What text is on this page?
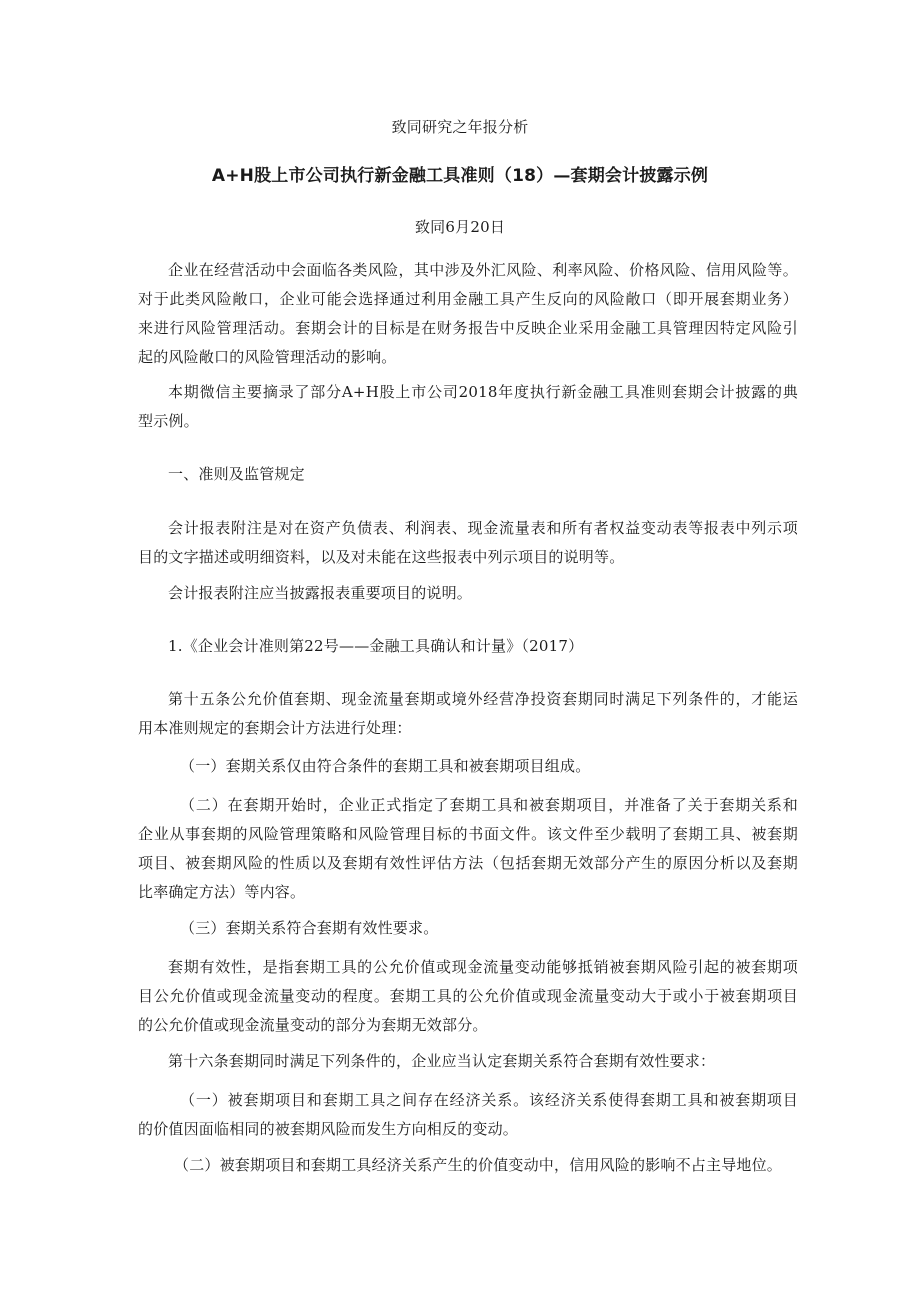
致同研究之年报分析
A+H股上市公司执行新金融工具准则（18）—套期会计披露示例
致同6月20日
企业在经营活动中会面临各类风险，其中涉及外汇风险、利率风险、价格风险、信用风险等。
对于此类风险敞口，企业可能会选择通过利用金融工具产生反向的风险敞口（即开展套期业务）
来进行风险管理活动。套期会计的目标是在财务报告中反映企业采用金融工具管理因特定风险引
起的风险敞口的风险管理活动的影响。
本期微信主要摘录了部分A+H股上市公司2018年度执行新金融工具准则套期会计披露的典
型示例。
一、准则及监管规定
会计报表附注是对在资产负债表、利润表、现金流量表和所有者权益变动表等报表中列示项
目的文字描述或明细资料，以及对未能在这些报表中列示项目的说明等。
会计报表附注应当披露报表重要项目的说明。
1.《企业会计准则第22号——金融工具确认和计量》（2017）
第十五条公允价值套期、现金流量套期或境外经营净投资套期同时满足下列条件的，才能运
用本准则规定的套期会计方法进行处理：
（一）套期关系仅由符合条件的套期工具和被套期项目组成。
（二）在套期开始时，企业正式指定了套期工具和被套期项目，并准备了关于套期关系和
企业从事套期的风险管理策略和风险管理目标的书面文件。该文件至少载明了套期工具、被套期
项目、被套期风险的性质以及套期有效性评估方法（包括套期无效部分产生的原因分析以及套期
比率确定方法）等内容。
（三）套期关系符合套期有效性要求。
套期有效性，是指套期工具的公允价值或现金流量变动能够抵销被套期风险引起的被套期项
目公允价值或现金流量变动的程度。套期工具的公允价值或现金流量变动大于或小于被套期项目
的公允价值或现金流量变动的部分为套期无效部分。
第十六条套期同时满足下列条件的，企业应当认定套期关系符合套期有效性要求：
（一）被套期项目和套期工具之间存在经济关系。该经济关系使得套期工具和被套期项目
的价值因面临相同的被套期风险而发生方向相反的变动。
（二）被套期项目和套期工具经济关系产生的价值变动中，信用风险的影响不占主导地位。
